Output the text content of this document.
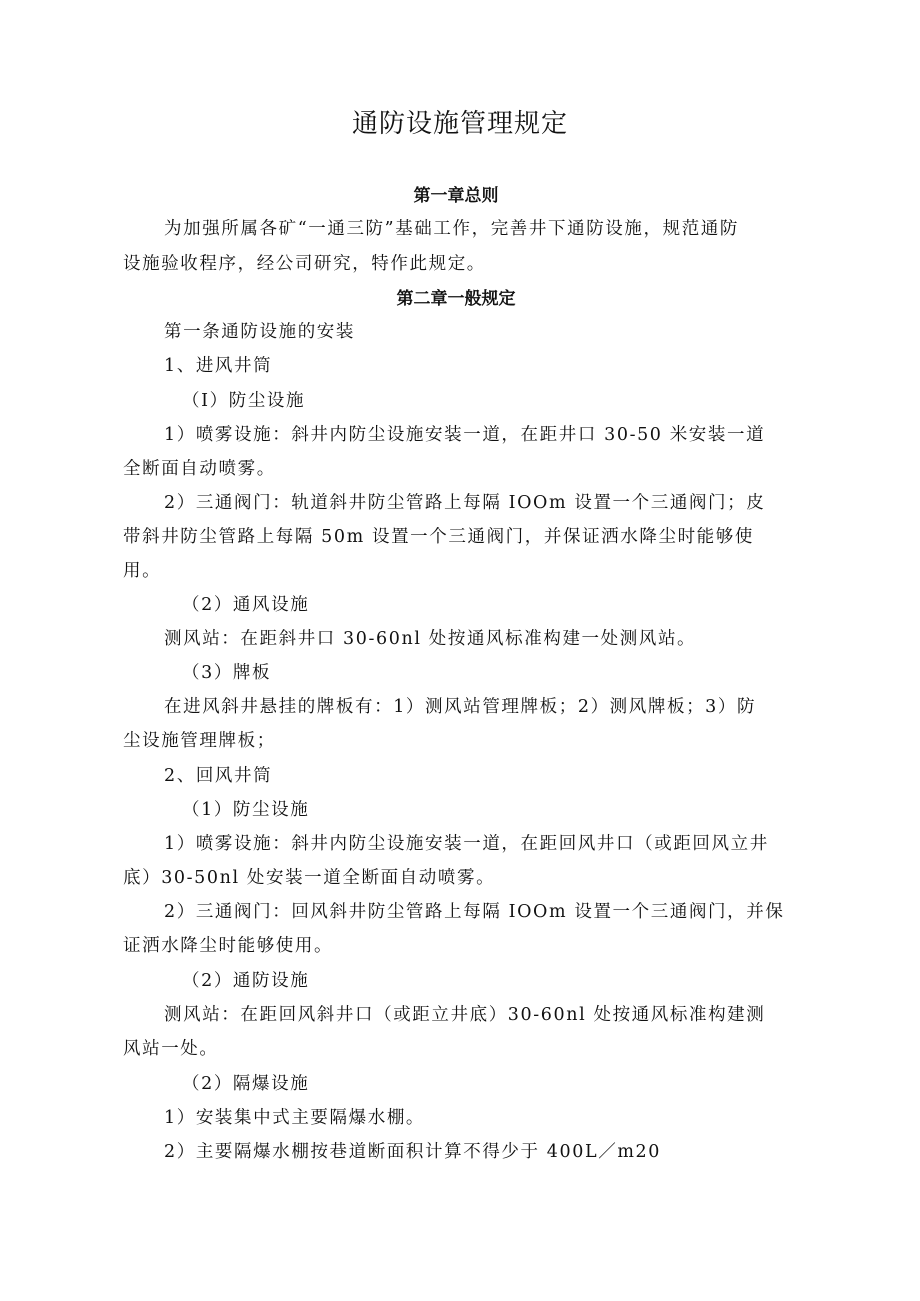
通防设施管理规定
第一章总则
为加强所属各矿“一通三防”基础工作，完善井下通防设施，规范通防
设施验收程序，经公司研究，特作此规定。
第二章一般规定
第一条通防设施的安装
1、进风井筒
（I）防尘设施
1）喷雾设施：斜井内防尘设施安装一道，在距井口 30-50 米安装一道
全断面自动喷雾。
2）三通阀门：轨道斜井防尘管路上每隔 IOOm 设置一个三通阀门；皮
带斜井防尘管路上每隔 50m 设置一个三通阀门，并保证洒水降尘时能够使
用。
（2）通风设施
测风站：在距斜井口 30-60nl 处按通风标准构建一处测风站。
（3）牌板
在进风斜井悬挂的牌板有：1）测风站管理牌板；2）测风牌板；3）防
尘设施管理牌板；
2、回风井筒
（1）防尘设施
1）喷雾设施：斜井内防尘设施安装一道，在距回风井口（或距回风立井
底）30-50nl 处安装一道全断面自动喷雾。
2）三通阀门：回风斜井防尘管路上每隔 IOOm 设置一个三通阀门，并保
证洒水降尘时能够使用。
（2）通防设施
测风站：在距回风斜井口（或距立井底）30-60nl 处按通风标准构建测
风站一处。
（2）隔爆设施
1）安装集中式主要隔爆水棚。
2）主要隔爆水棚按巷道断面积计算不得少于 400L／m20
